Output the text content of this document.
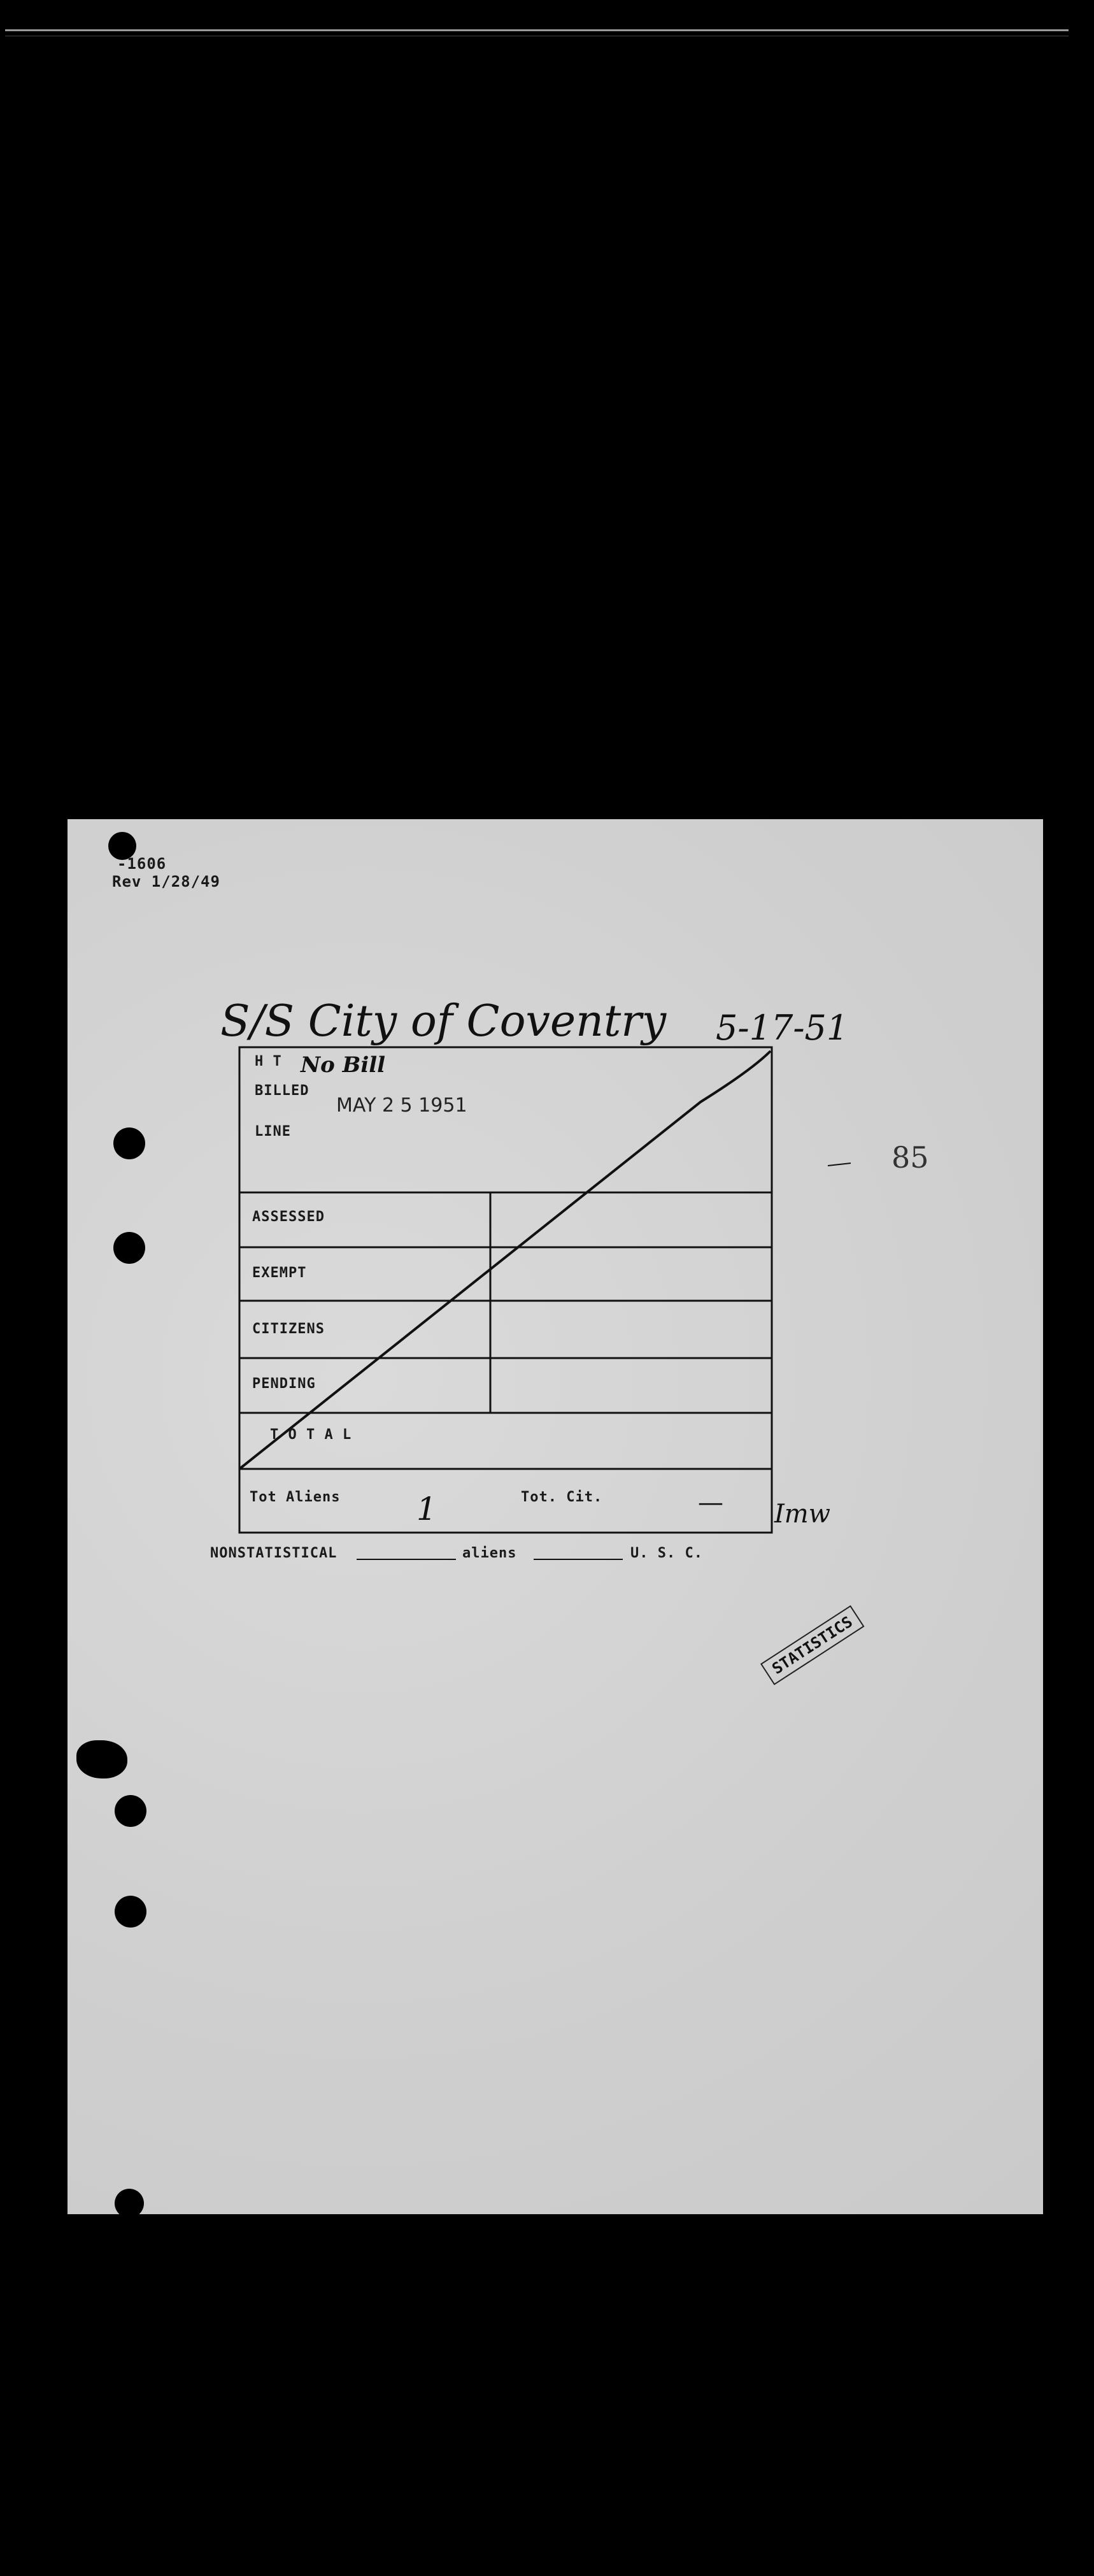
-1606
Rev 1/28/49
S/S City of Coventry 5-17-51
No Bill
85
H T
BILLED
MAY 2 5 1951
LINE
ASSESSED
EXEMPT
CITIZENS
PENDING
T O T A L
Tot Aliens 1	Tot. Cit.	— Imw
NONSTATISTICAL	aliens	U. S. C.
STATISTICS
